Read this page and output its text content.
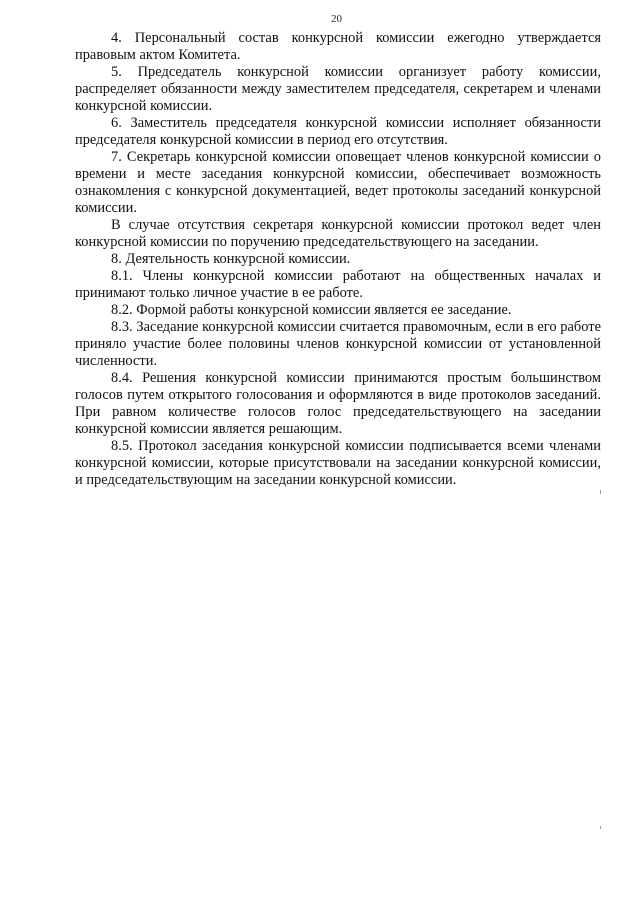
20

4. Персональный состав конкурсной комиссии ежегодно утверждается правовым актом Комитета.

5. Председатель конкурсной комиссии организует работу комиссии, распределяет обязанности между заместителем председателя, секретарем и членами конкурсной комиссии.

6. Заместитель председателя конкурсной комиссии исполняет обязанности председателя конкурсной комиссии в период его отсутствия.

7. Секретарь конкурсной комиссии оповещает членов конкурсной комиссии о времени и месте заседания конкурсной комиссии, обеспечивает возможность ознакомления с конкурсной документацией, ведет протоколы заседаний конкурсной комиссии.

В случае отсутствия секретаря конкурсной комиссии протокол ведет член конкурсной комиссии по поручению председательствующего на заседании.

8. Деятельность конкурсной комиссии.

8.1. Члены конкурсной комиссии работают на общественных началах и принимают только личное участие в ее работе.

8.2. Формой работы конкурсной комиссии является ее заседание.

8.3. Заседание конкурсной комиссии считается правомочным, если в его работе приняло участие более половины членов конкурсной комиссии от установленной численности.

8.4. Решения конкурсной комиссии принимаются простым большинством голосов путем открытого голосования и оформляются в виде протоколов заседаний. При равном количестве голосов голос председательствующего на заседании конкурсной комиссии является решающим.

8.5. Протокол заседания конкурсной комиссии подписывается всеми членами конкурсной комиссии, которые присутствовали на заседании конкурсной комиссии, и председательствующим на заседании конкурсной комиссии.
